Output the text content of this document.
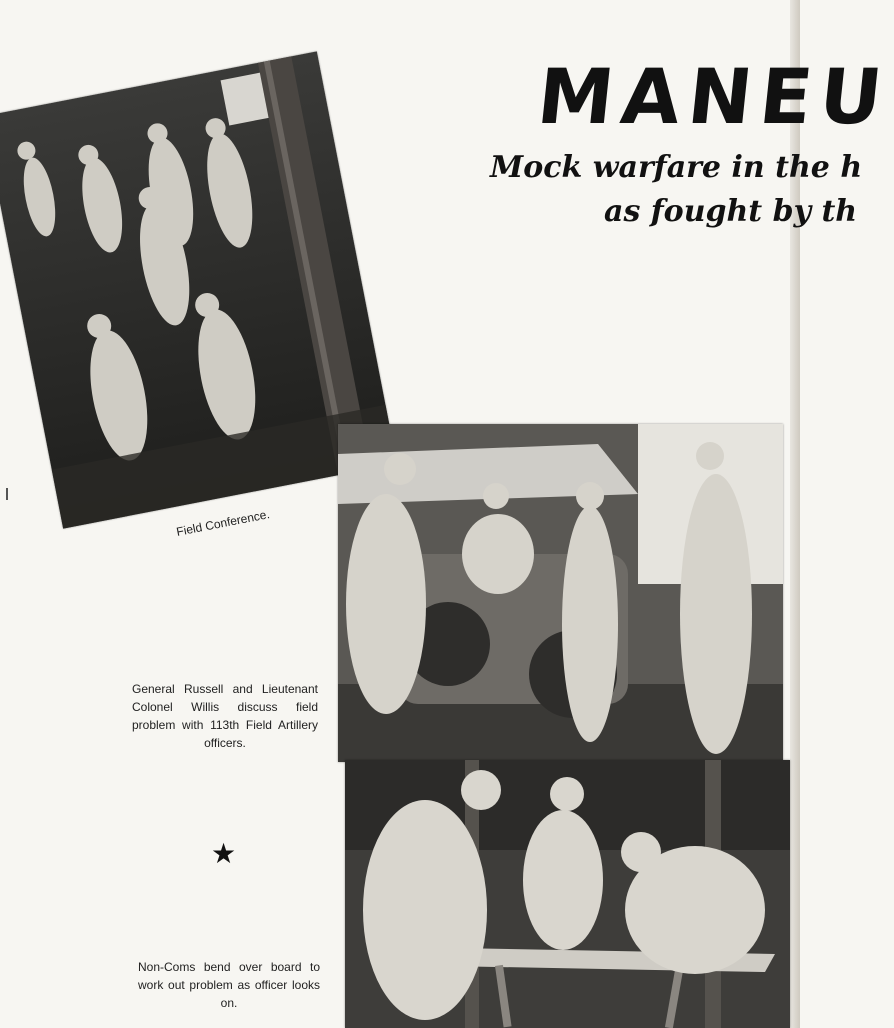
MANEU
Mock warfare in the h
as fought by th
Field Conference.
General Russell and Lieutenant Colonel Willis discuss field problem with 113th Field Artillery officers.
Non-Coms bend over board to work out problem as officer looks on.
★
